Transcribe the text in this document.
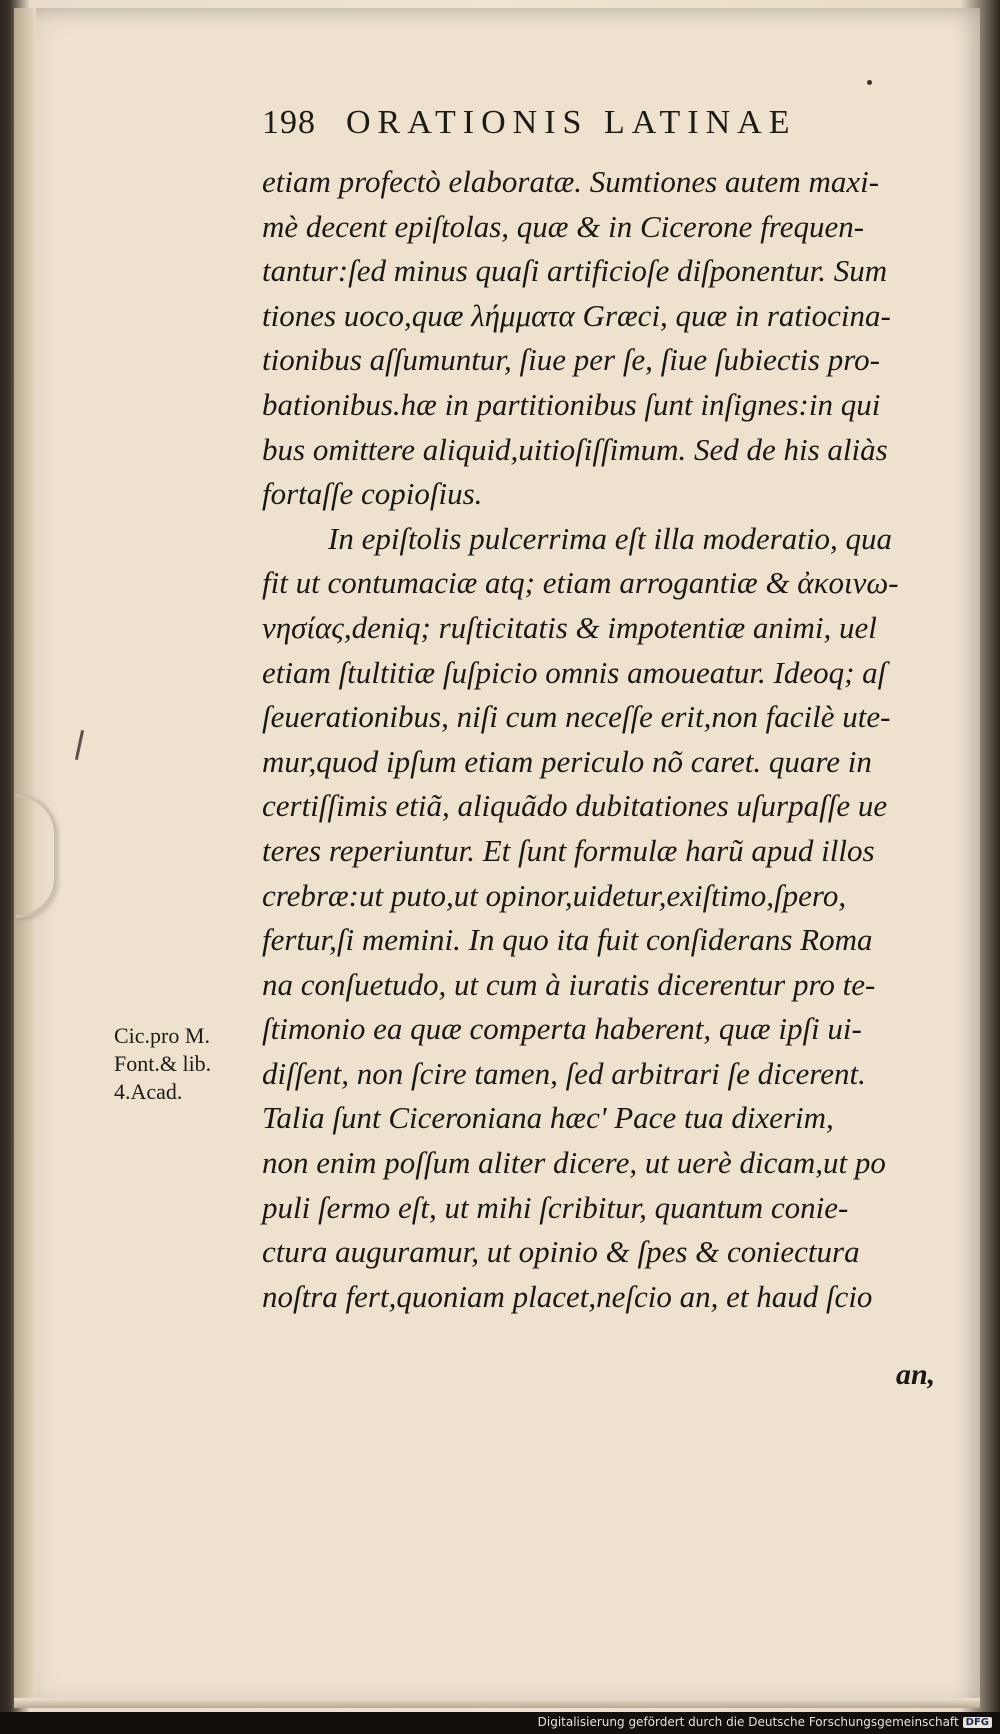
198 ORATIONIS LATINAE
etiam profectò elaboratæ. Sumtiones autem maxi-
mè decent epiſtolas, quæ & in Cicerone frequen-
tantur:ſed minus quaſi artificioſe diſponentur. Sum
tiones uoco,quæ λήμματα Græci, quæ in ratiocina-
tionibus aſſumuntur, ſiue per ſe, ſiue ſubiectis pro-
bationibus.hæ in partitionibus ſunt inſignes:in qui
bus omittere aliquid,uitioſiſſimum. Sed de his aliàs
fortaſſe copioſius.
In epiſtolis pulcerrima eſt illa moderatio, qua
fit ut contumaciæ atq; etiam arrogantiæ & ἀκοινω-
νησίας,deniq; ruſticitatis & impotentiæ animi, uel
etiam ſtultitiæ ſuſpicio omnis amoueatur. Ideoq; aſ
ſeuerationibus, niſi cum neceſſe erit,non facilè ute-
mur,quod ipſum etiam periculo nõ caret. quare in
certiſſimis etiã, aliquãdo dubitationes uſurpaſſe ue
teres reperiuntur. Et ſunt formulæ harũ apud illos
crebræ:ut puto,ut opinor,uidetur,exiſtimo,ſpero,
fertur,ſi memini. In quo ita fuit conſiderans Roma
na conſuetudo, ut cum à iuratis dicerentur pro te-
ſtimonio ea quæ comperta haberent, quæ ipſi ui-
diſſent, non ſcire tamen, ſed arbitrari ſe dicerent.
Talia ſunt Ciceroniana hæc' Pace tua dixerim,
non enim poſſum aliter dicere, ut uerè dicam,ut po
puli ſermo eſt, ut mihi ſcribitur, quantum conie-
ctura auguramur, ut opinio & ſpes & coniectura
noſtra fert,quoniam placet,neſcio an, et haud ſcio
Cic.pro M.
Font.& lib.
4.Acad.
an,
Digitalisierung gefördert durch die Deutsche Forschungsgemeinschaft DFG
